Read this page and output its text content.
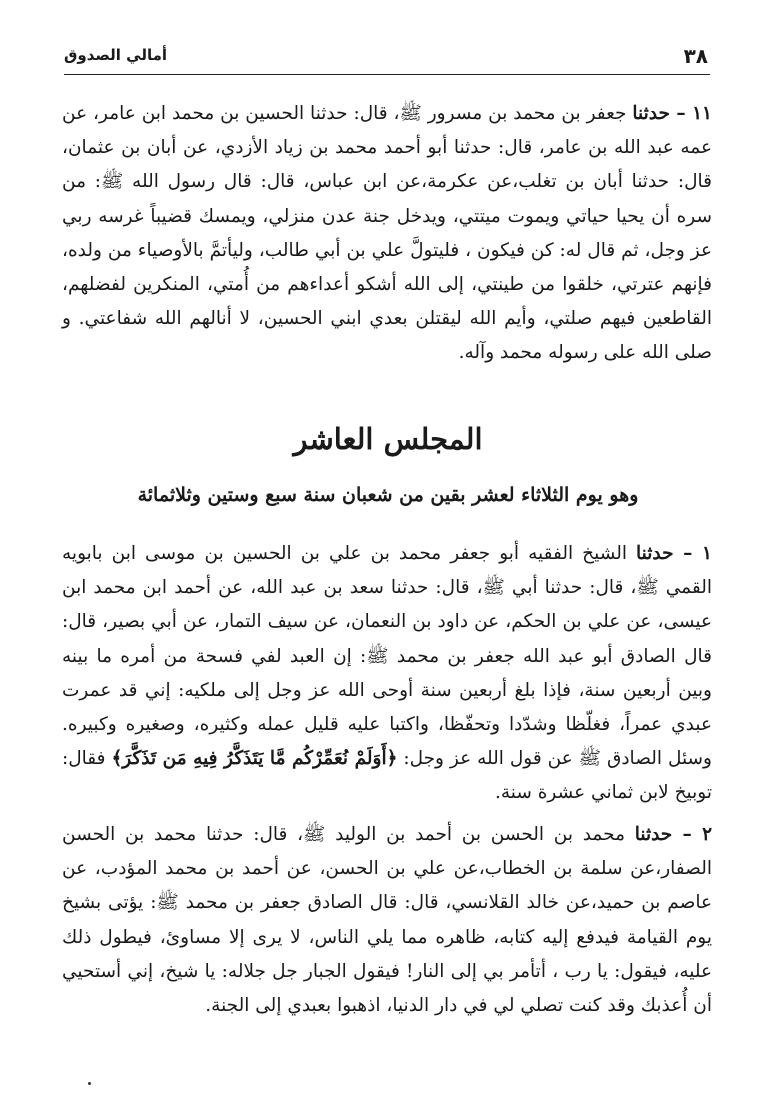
أمالي الصدوق	٣٨
١١ – حدثنا جعفر بن محمد بن مسرور ﷺ، قال: حدثنا الحسين بن محمد ابن عامر، عن عمه عبد الله بن عامر، قال: حدثنا أبو أحمد محمد بن زياد الأزدي، عن أبان بن عثمان، قال: حدثنا أبان بن تغلب،عن عكرمة،عن ابن عباس، قال: قال رسول الله ﷺ: من سره أن يحيا حياتي ويموت ميتتي، ويدخل جنة عدن منزلي، ويمسك قضيباً غرسه ربي عز وجل، ثم قال له: كن فيكون ، فليتولَّ علي بن أبي طالب، وليأتمَّ بالأوصياء من ولده، فإنهم عترتي، خلقوا من طينتي، إلى الله أشكو أعداءهم من أُمتي، المنكرين لفضلهم، القاطعين فيهم صلتي، وأيم الله ليقتلن بعدي ابني الحسين، لا أنالهم الله شفاعتي. و صلى الله على رسوله محمد وآله.
المجلس العاشر
وهو يوم الثلاثاء لعشر بقين من شعبان سنة سبع وستين وثلاثمائة
١ – حدثنا الشيخ الفقيه أبو جعفر محمد بن علي بن الحسين بن موسى ابن بابويه القمي ﷺ، قال: حدثنا أبي ﷺ، قال: حدثنا سعد بن عبد الله، عن أحمد ابن محمد ابن عيسى، عن علي بن الحكم، عن داود بن النعمان، عن سيف التمار، عن أبي بصير، قال: قال الصادق أبو عبد الله جعفر بن محمد ﷺ: إن العبد لفي فسحة من أمره ما بينه وبين أربعين سنة، فإذا بلغ أربعين سنة أوحى الله عز وجل إلى ملكيه: إني قد عمرت عبدي عمراً، فغلّظا وشدّدا وتحفّظا، واكتبا عليه قليل عمله وكثيره، وصغيره وكبيره. وسئل الصادق ﷺ عن قول الله عز وجل: ﴿أَوَلَمْ نُعَمِّرْكُم مَّا يَتَذَكَّرُ فِيهِ مَن تَذَكَّرَ﴾ فقال: توبيخ لابن ثماني عشرة سنة.
٢ – حدثنا محمد بن الحسن بن أحمد بن الوليد ﷺ، قال: حدثنا محمد بن الحسن الصفار،عن سلمة بن الخطاب،عن علي بن الحسن، عن أحمد بن محمد المؤدب، عن عاصم بن حميد،عن خالد القلانسي، قال: قال الصادق جعفر بن محمد ﷺ: يؤتى بشيخ يوم القيامة فيدفع إليه كتابه، ظاهره مما يلي الناس، لا يرى إلا مساوئ، فيطول ذلك عليه، فيقول: يا رب ، أتأمر بي إلى النار! فيقول الجبار جل جلاله: يا شيخ، إني أستحيي أن أُعذبك وقد كنت تصلي لي في دار الدنيا، اذهبوا بعبدي إلى الجنة.
